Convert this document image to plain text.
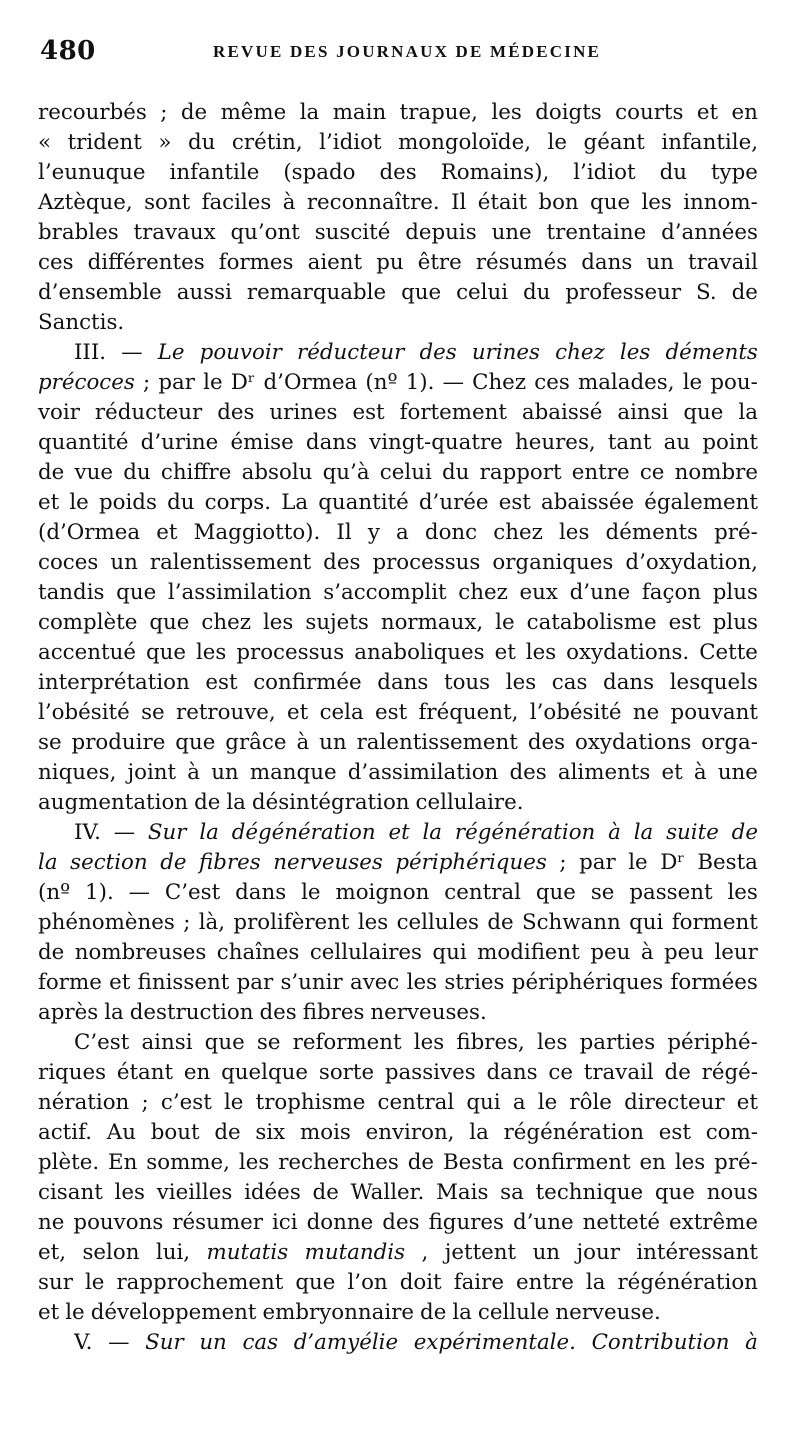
480	REVUE DES JOURNAUX DE MÉDECINE
recourbés ; de même la main trapue, les doigts courts et en
« trident » du crétin, l’idiot mongoloïde, le géant infantile,
l’eunuque infantile (spado des Romains), l’idiot du type
Aztèque, sont faciles à reconnaître. Il était bon que les innom-
brables travaux qu’ont suscité depuis une trentaine d’années
ces différentes formes aient pu être résumés dans un travail
d’ensemble aussi remarquable que celui du professeur S. de
Sanctis.
III. — Le pouvoir réducteur des urines chez les déments
précoces ; par le Dʳ d’Ormea (nº 1). — Chez ces malades, le pou-
voir réducteur des urines est fortement abaissé ainsi que la
quantité d’urine émise dans vingt-quatre heures, tant au point
de vue du chiffre absolu qu’à celui du rapport entre ce nombre
et le poids du corps. La quantité d’urée est abaissée également
(d’Ormea et Maggiotto). Il y a donc chez les déments pré-
coces un ralentissement des processus organiques d’oxydation,
tandis que l’assimilation s’accomplit chez eux d’une façon plus
complète que chez les sujets normaux, le catabolisme est plus
accentué que les processus anaboliques et les oxydations. Cette
interprétation est confirmée dans tous les cas dans lesquels
l’obésité se retrouve, et cela est fréquent, l’obésité ne pouvant
se produire que grâce à un ralentissement des oxydations orga-
niques, joint à un manque d’assimilation des aliments et à une
augmentation de la désintégration cellulaire.
IV. — Sur la dégénération et la régénération à la suite de
la section de fibres nerveuses périphériques ; par le Dʳ Besta
(nº 1). — C’est dans le moignon central que se passent les
phénomènes ; là, prolifèrent les cellules de Schwann qui forment
de nombreuses chaînes cellulaires qui modifient peu à peu leur
forme et finissent par s’unir avec les stries périphériques formées
après la destruction des fibres nerveuses.
C’est ainsi que se reforment les fibres, les parties périphé-
riques étant en quelque sorte passives dans ce travail de régé-
nération ; c’est le trophisme central qui a le rôle directeur et
actif. Au bout de six mois environ, la régénération est com-
plète. En somme, les recherches de Besta confirment en les pré-
cisant les vieilles idées de Waller. Mais sa technique que nous
ne pouvons résumer ici donne des figures d’une netteté extrême
et, selon lui, mutatis mutandis , jettent un jour intéressant
sur le rapprochement que l’on doit faire entre la régénération
et le développement embryonnaire de la cellule nerveuse.
V. — Sur un cas d’amyélie expérimentale. Contribution à
